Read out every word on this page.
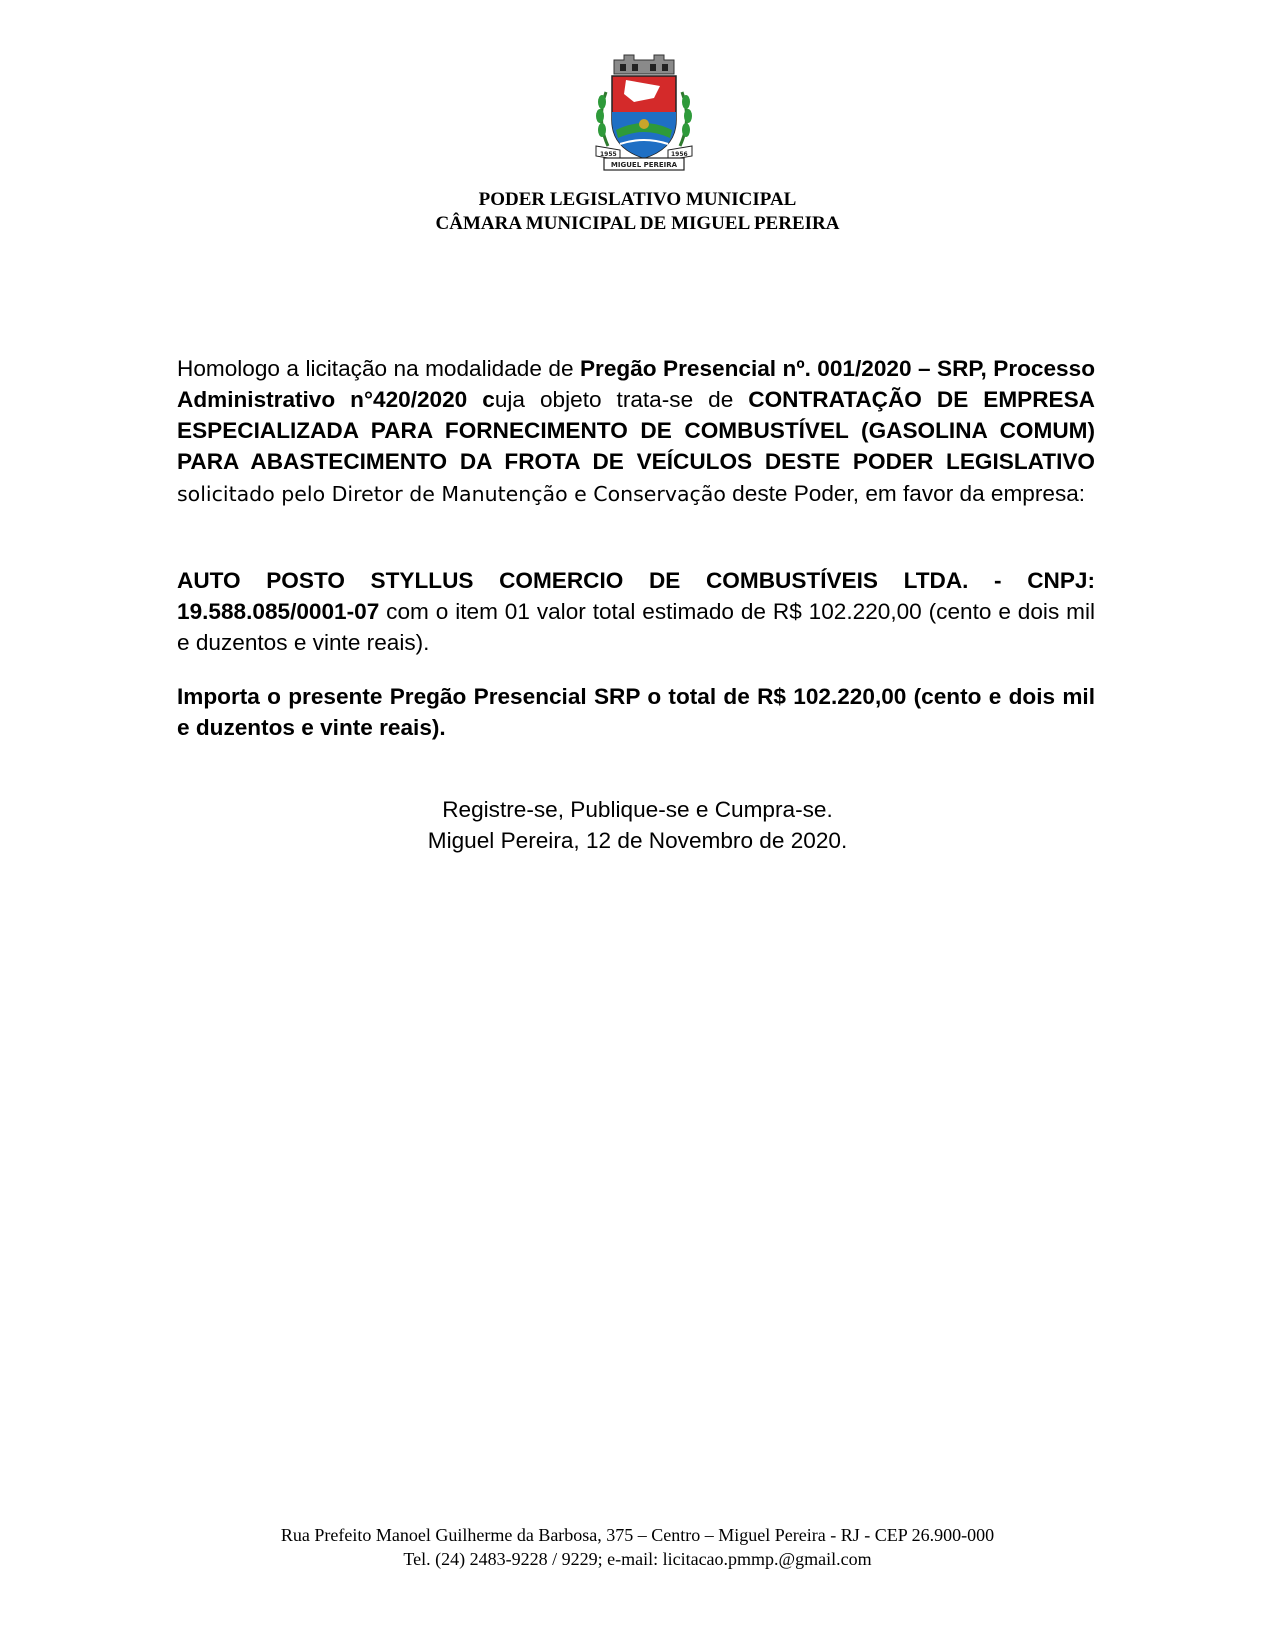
1955	1956
MIGUEL PEREIRA
PODER LEGISLATIVO MUNICIPAL
CÂMARA MUNICIPAL DE MIGUEL PEREIRA
Homologo a licitação na modalidade de Pregão Presencial nº. 001/2020 – SRP, Processo Administrativo n°420/2020 cuja objeto trata-se de CONTRATAÇÃO DE EMPRESA ESPECIALIZADA PARA FORNECIMENTO DE COMBUSTÍVEL (GASOLINA COMUM) PARA ABASTECIMENTO DA FROTA DE VEÍCULOS DESTE PODER LEGISLATIVO solicitado pelo Diretor de Manutenção e Conservação deste Poder, em favor da empresa:
AUTO POSTO STYLLUS COMERCIO DE COMBUSTÍVEIS LTDA. - CNPJ: 19.588.085/0001-07 com o item 01 valor total estimado de R$ 102.220,00 (cento e dois mil e duzentos e vinte reais).
Importa o presente Pregão Presencial SRP o total de R$ 102.220,00 (cento e dois mil e duzentos e vinte reais).
Registre-se, Publique-se e Cumpra-se.
Miguel Pereira, 12 de Novembro de 2020.
Rua Prefeito Manoel Guilherme da Barbosa, 375 – Centro – Miguel Pereira - RJ - CEP 26.900-000
Tel. (24) 2483-9228 / 9229; e-mail: licitacao.pmmp.@gmail.com
